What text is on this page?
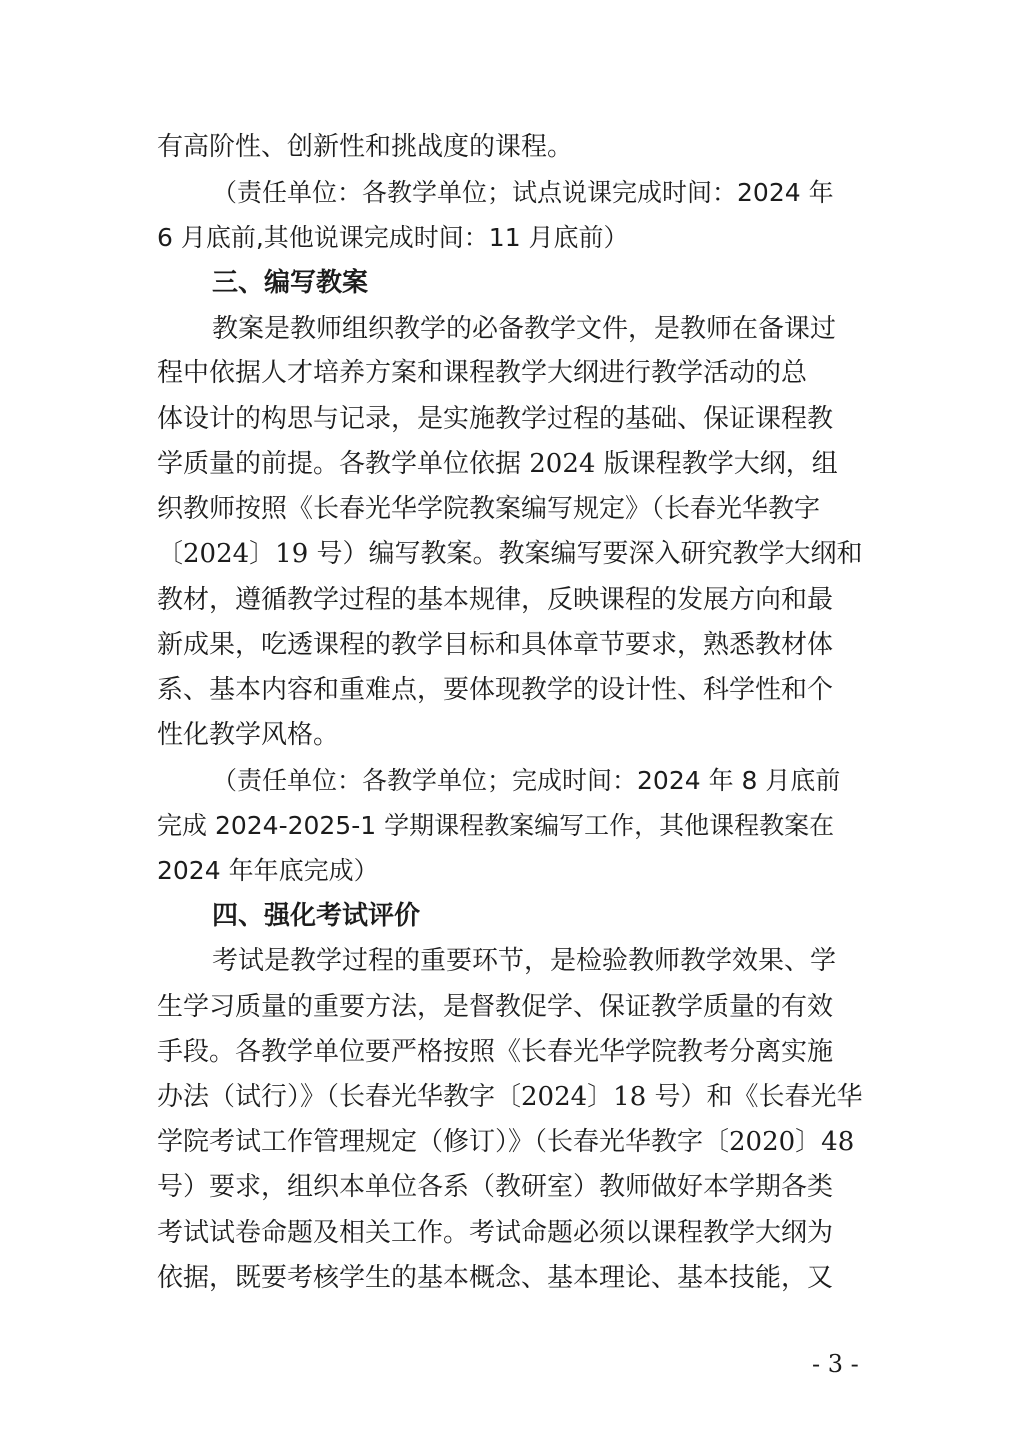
有高阶性、创新性和挑战度的课程。

（责任单位：各教学单位；试点说课完成时间：2024 年

6 月底前,其他说课完成时间：11 月底前）

三、编写教案

教案是教师组织教学的必备教学文件，是教师在备课过

程中依据人才培养方案和课程教学大纲进行教学活动的总

体设计的构思与记录，是实施教学过程的基础、保证课程教

学质量的前提。各教学单位依据 2024 版课程教学大纲，组

织教师按照《长春光华学院教案编写规定》（长春光华教字

〔2024〕19 号）编写教案。教案编写要深入研究教学大纲和

教材，遵循教学过程的基本规律，反映课程的发展方向和最

新成果，吃透课程的教学目标和具体章节要求，熟悉教材体

系、基本内容和重难点，要体现教学的设计性、科学性和个

性化教学风格。

（责任单位：各教学单位；完成时间：2024 年 8 月底前

完成 2024-2025-1 学期课程教案编写工作，其他课程教案在

2024 年年底完成）

四、强化考试评价

考试是教学过程的重要环节，是检验教师教学效果、学

生学习质量的重要方法，是督教促学、保证教学质量的有效

手段。各教学单位要严格按照《长春光华学院教考分离实施

办法（试行）》（长春光华教字〔2024〕18 号）和《长春光华

学院考试工作管理规定（修订）》（长春光华教字〔2020〕48

号）要求，组织本单位各系（教研室）教师做好本学期各类

考试试卷命题及相关工作。考试命题必须以课程教学大纲为

依据，既要考核学生的基本概念、基本理论、基本技能，又

- 3 -
